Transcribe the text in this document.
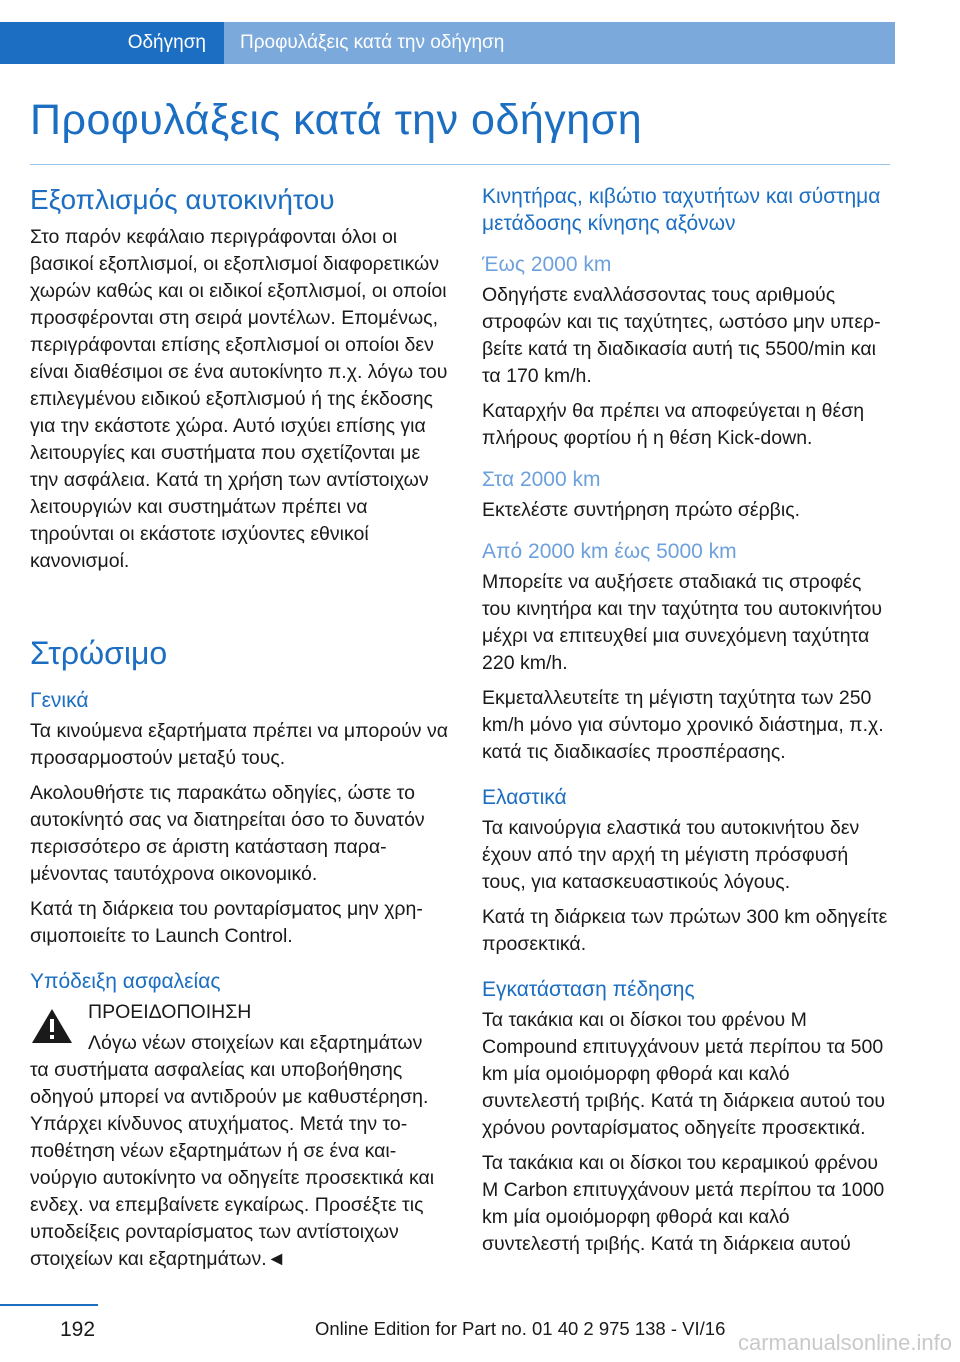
Οδήγηση	Προφυλάξεις κατά την οδήγηση
Προφυλάξεις κατά την οδήγηση
Εξοπλισμός αυτοκινήτου

Στο παρόν κεφάλαιο περιγράφονται όλοι οι βασικοί εξοπλισμοί, οι εξοπλισμοί διαφορετικών χωρών καθώς και οι ειδικοί εξοπλισμοί, οι οποίοι προσφέρονται στη σειρά μοντέλων. Επομένως, περιγράφονται επίσης εξοπλισμοί οι οποίοι δεν είναι διαθέσιμοι σε ένα αυτοκίνητο π.χ. λόγω του επιλεγμένου ειδικού εξοπλισμού ή της έκδοσης για την εκάστοτε χώρα. Αυτό ισχύει επίσης για λειτουργίες και συστήματα που σχετίζονται με την ασφάλεια. Κατά τη χρήση των αντίστοιχων λειτουργιών και συστημάτων πρέπει να τηρούνται οι εκάστοτε ισχύοντες εθνικοί κανονισμοί.

Στρώσιμο
Γενικά

Τα κινούμενα εξαρτήματα πρέπει να μπορούν να προσαρμοστούν μεταξύ τους.

Ακολουθήστε τις παρακάτω οδηγίες, ώστε το αυτοκίνητό σας να διατηρείται όσο το δυνατόν περισσότερο σε άριστη κατάσταση παραμένοντας ταυτόχρονα οικονομικό.

Κατά τη διάρκεια του ρονταρίσματος μην χρησιμοποιείτε το Launch Control.

Υπόδειξη ασφαλείας

ΠΡΟΕΙΔΟΠΟΙΗΣΗ

Λόγω νέων στοιχείων και εξαρτημάτων

τα συστήματα ασφαλείας και υποβοήθησης οδηγού μπορεί να αντιδρούν με καθυστέρηση. Υπάρχει κίνδυνος ατυχήματος. Μετά την τοποθέτηση νέων εξαρτημάτων ή σε ένα καινούργιο αυτοκίνητο να οδηγείτε προσεκτικά και ενδεχ. να επεμβαίνετε εγκαίρως. Προσέξτε τις υποδείξεις ρονταρίσματος των αντίστοιχων στοιχείων και εξαρτημάτων.◄

Κινητήρας, κιβώτιο ταχυτήτων και σύστημα μετάδοσης κίνησης αξόνων
Έως 2000 km

Οδηγήστε εναλλάσσοντας τους αριθμούς στροφών και τις ταχύτητες, ωστόσο μην υπερβείτε κατά τη διαδικασία αυτή τις 5500/min και τα 170 km/h.

Καταρχήν θα πρέπει να αποφεύγεται η θέση πλήρους φορτίου ή η θέση Kick-down.

Στα 2000 km

Εκτελέστε συντήρηση πρώτο σέρβις.

Από 2000 km έως 5000 km

Μπορείτε να αυξήσετε σταδιακά τις στροφές του κινητήρα και την ταχύτητα του αυτοκινήτου μέχρι να επιτευχθεί μια συνεχόμενη ταχύτητα 220 km/h.

Εκμεταλλευτείτε τη μέγιστη ταχύτητα των 250 km/h μόνο για σύντομο χρονικό διάστημα, π.χ. κατά τις διαδικασίες προσπέρασης.

Ελαστικά

Τα καινούργια ελαστικά του αυτοκινήτου δεν έχουν από την αρχή τη μέγιστη πρόσφυσή τους, για κατασκευαστικούς λόγους.

Κατά τη διάρκεια των πρώτων 300 km οδηγείτε προσεκτικά.

Εγκατάσταση πέδησης

Τα τακάκια και οι δίσκοι του φρένου M Compound επιτυγχάνουν μετά περίπου τα 500 km μία ομοιόμορφη φθορά και καλό συντελεστή τριβής. Κατά τη διάρκεια αυτού του χρόνου ρονταρίσματος οδηγείτε προσεκτικά.

Τα τακάκια και οι δίσκοι του κεραμικού φρένου M Carbon επιτυγχάνουν μετά περίπου τα 1000 km μία ομοιόμορφη φθορά και καλό συντελεστή τριβής. Κατά τη διάρκεια αυτού

192	Online Edition for Part no. 01 40 2 975 138 - VI/16
carmanualsonline.info
